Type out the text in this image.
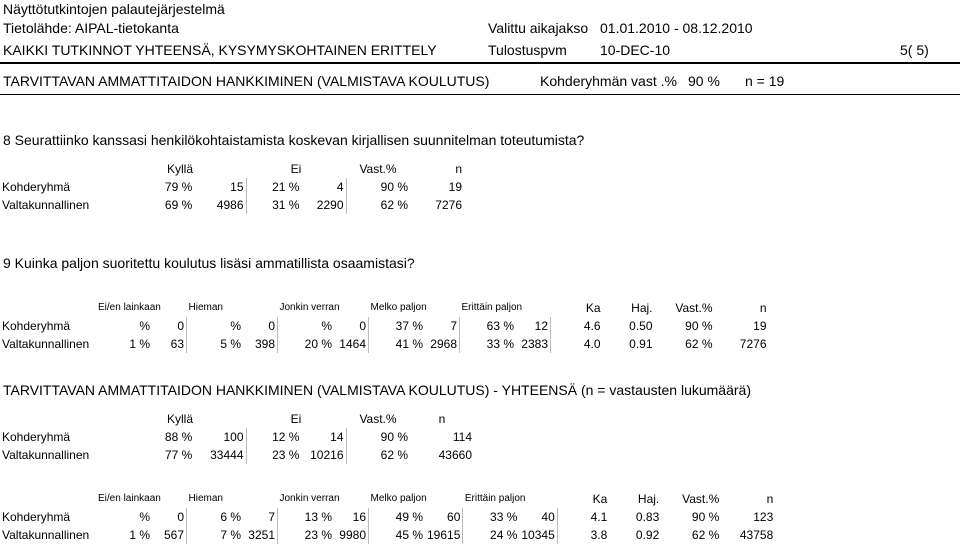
Näyttötutkintojen palautejärjestelmä
Tietolähde: AIPAL-tietokanta	Valittu aikajakso 01.01.2010 - 08.12.2010
KAIKKI TUTKINNOT YHTEENSÄ, KYSYMYSKOHTAINEN ERITTELY	Tulostuspvm 10-DEC-10	5( 5)
TARVITTAVAN AMMATTITAIDON HANKKIMINEN (VALMISTAVA KOULUTUS)	Kohderyhmän vast .% 90 % n = 19
8 Seurattiinko kanssasi henkilökohtaistamista koskevan kirjallisen suunnitelman toteutumista?
	Kyllä		Ei		Vast.%	n
Kohderyhmä	79 %	15	21 %	4	90 %	19
Valtakunnallinen	69 %	4986	31 %	2290	62 %	7276
9 Kuinka paljon suoritettu koulutus lisäsi ammatillista osaamistasi?
	Ei/en lainkaan		Hieman		Jonkin verran		Melko paljon		Erittäin paljon		Ka	Haj.	Vast.%	n
Kohderyhmä	%	0	%	0	%	0	37 %	7	63 %	12	4.6	0.50	90 %	19
Valtakunnallinen	1 %	63	5 %	398	20 %	1464	41 %	2968	33 %	2383	4.0	0.91	62 %	7276
TARVITTAVAN AMMATTITAIDON HANKKIMINEN (VALMISTAVA KOULUTUS) - YHTEENSÄ (n = vastausten lukumäärä)
	Kyllä		Ei		Vast.%	n
Kohderyhmä	88 %	100	12 %	14	90 %	114
Valtakunnallinen	77 %	33444	23 %	10216	62 %	43660
	Ei/en lainkaan		Hieman		Jonkin verran		Melko paljon		Erittäin paljon		Ka	Haj.	Vast.%	n
Kohderyhmä	%	0	6 %	7	13 %	16	49 %	60	33 %	40	4.1	0.83	90 %	123
Valtakunnallinen	1 %	567	7 %	3251	23 %	9980	45 %	19615	24 %	10345	3.8	0.92	62 %	43758
